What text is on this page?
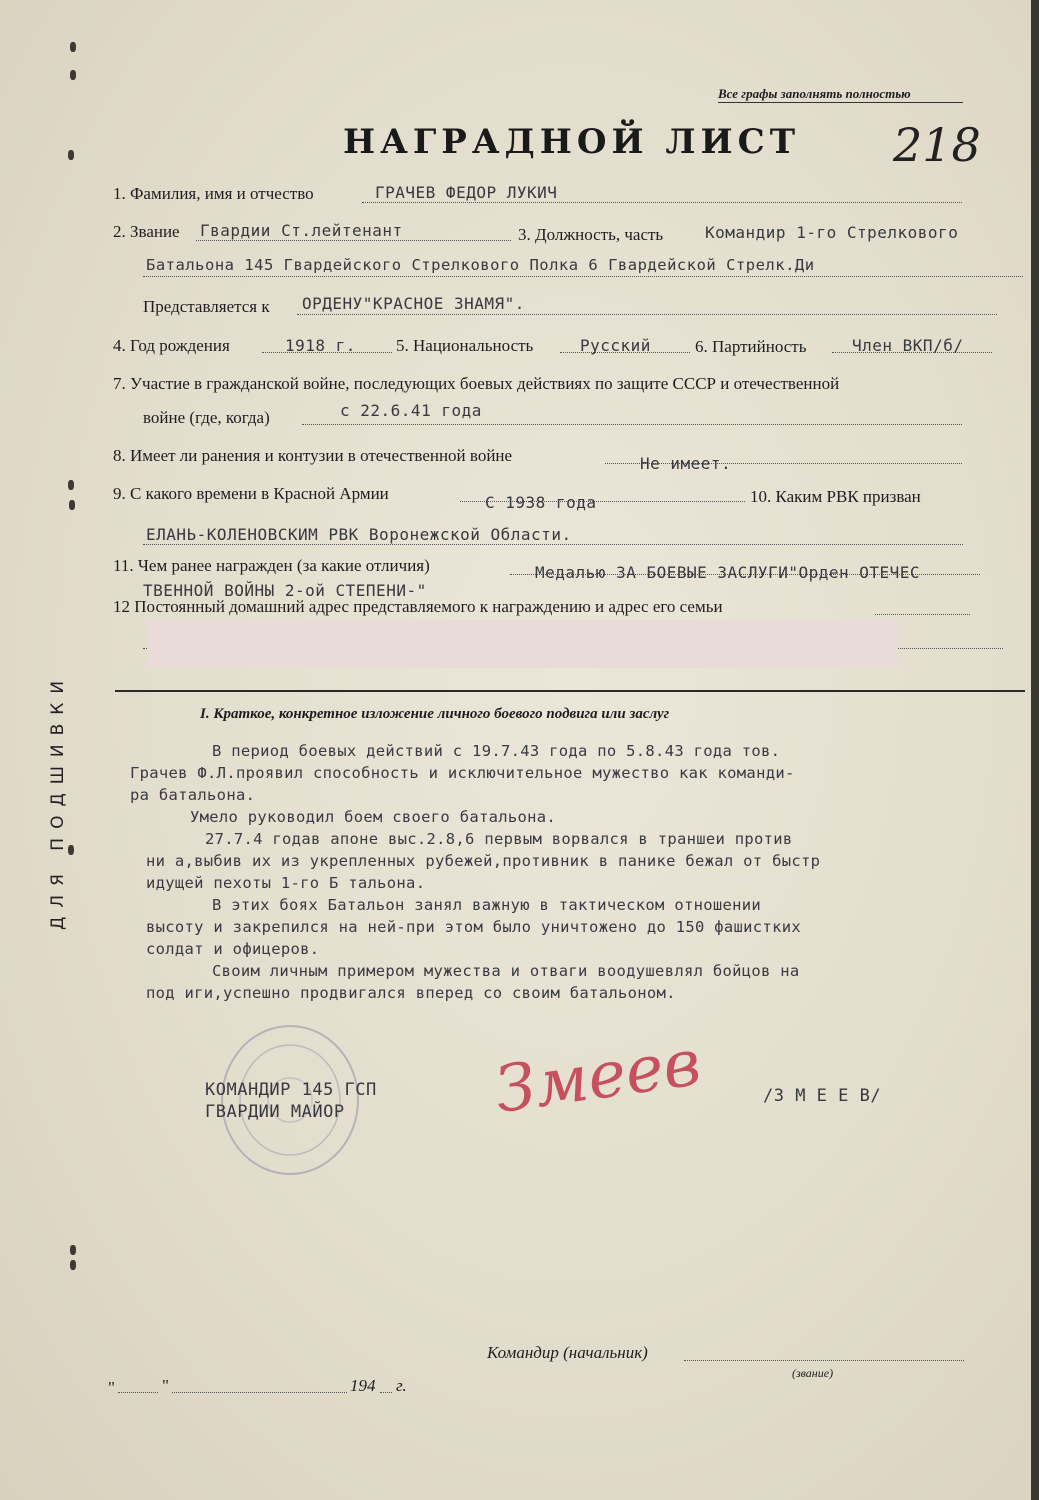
ДЛЯ ПОДШИВКИ
Все графы заполнять полностью
218
НАГРАДНОЙ ЛИСТ
1. Фамилия, имя и отчество	ГРАЧЕВ ФЕДОР ЛУКИЧ
2. Звание Гвардии Ст.лейтенант	3. Должность, часть	Командир 1-го Стрелкового
Батальона 145 Гвардейского Стрелкового Полка 6 Гвардейской Стрелк.Ди
Представляется к ОРДЕНУ"КРАСНОЕ ЗНАМЯ".
4. Год рождения	1918 г. 5. Национальность	Русский	6. Партийность	Член ВКП/б/
7. Участие в гражданской войне, последующих боевых действиях по защите СССР и отечественной
войне (где, когда)	с 22.6.41 года
8. Имеет ли ранения и контузии в отечественной войне	Не имеет.
9. С какого времени в Красной Армии	С 1938 года	10. Каким РВК призван
ЕЛАНЬ-КОЛЕНОВСКИМ РВК Воронежской Области.
11. Чем ранее награжден (за какие отличия)	Медалью ЗА БОЕВЫЕ ЗАСЛУГИ"Орден ОТЕЧЕС
ТВЕННОЙ ВОЙНЫ 2-ой СТЕПЕНИ-"
12 Постоянный домашний адрес представляемого к награждению и адрес его семьи
I. Краткое, конкретное изложение личного боевого подвига или заслуг
В период боевых действий с 19.7.43 года по 5.8.43 года тов.
Грачев Ф.Л.проявил способность и исключительное мужество как команди-
ра батальона.
Умело руководил боем своего батальона.
27.7.4 годав апоне выс.2.8,6 первым ворвался в траншеи против
ни а,выбив их из укрепленных рубежей,противник в панике бежал от быстр
идущей пехоты 1-го Б тальона.
В этих боях Батальон занял важную в тактическом отношении
высоту и закрепился на ней-при этом было уничтожено до 150 фашистких
солдат и офицеров.
Своим личным примером мужества и отваги воодушевлял бойцов на
под иги,успешно продвигался вперед со своим батальоном.
КОМАНДИР 145 ГСП
ГВАРДИИ МАЙОР Змеев	/З М Е Е В/
Командир (начальник)
(звание)
"	"	194 г.
